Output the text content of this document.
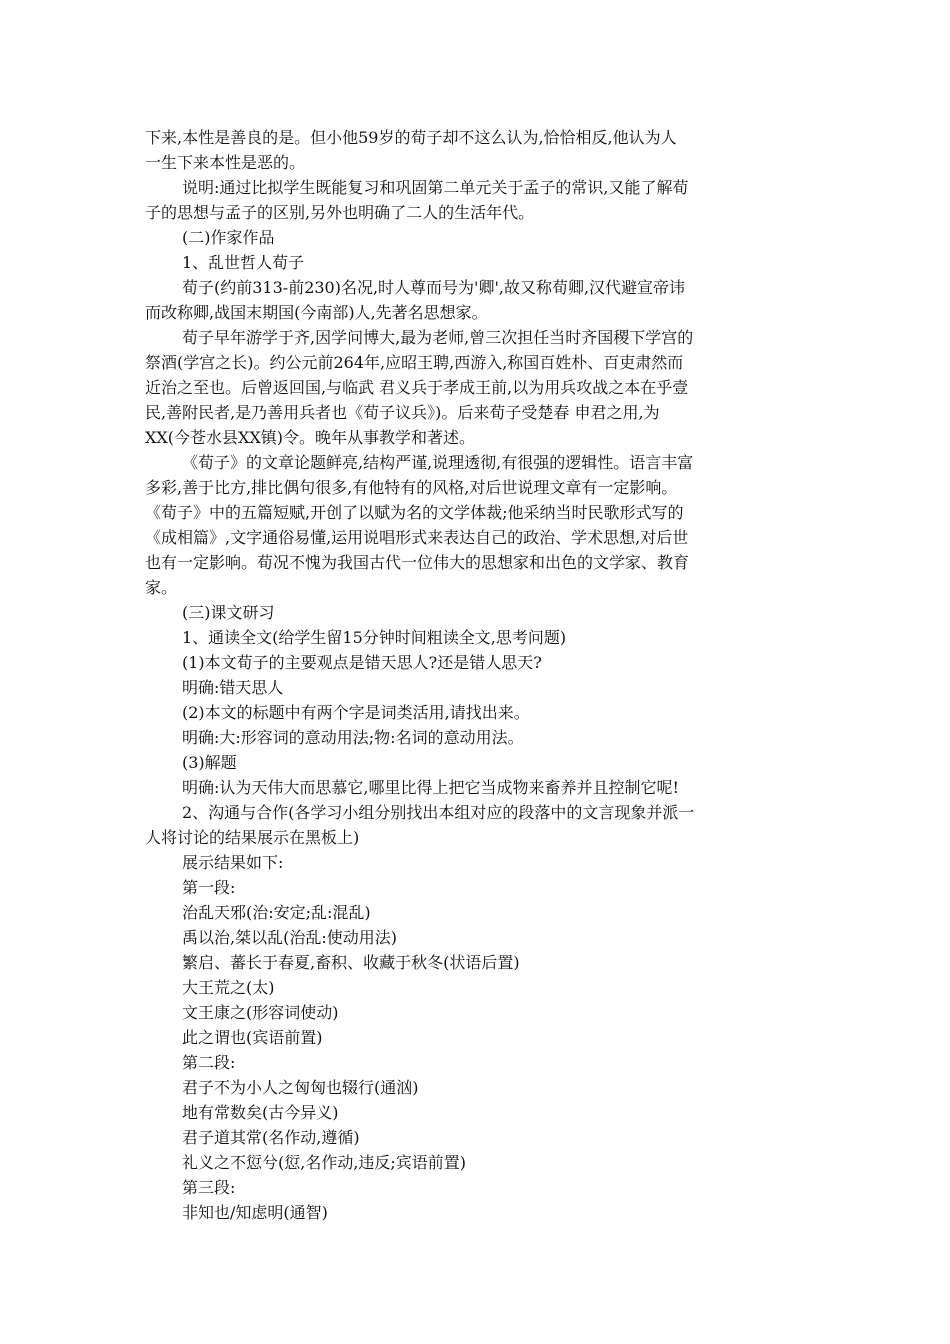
下来,本性是善良的是。但小他59岁的荀子却不这么认为,恰恰相反,他认为人
一生下来本性是恶的。
说明:通过比拟学生既能复习和巩固第二单元关于孟子的常识,又能了解荀
子的思想与孟子的区别,另外也明确了二人的生活年代。
(二)作家作品
1、乱世哲人荀子
荀子(约前313-前230)名况,时人尊而号为'卿',故又称荀卿,汉代避宣帝讳
而改称卿,战国末期国(今南部)人,先著名思想家。
荀子早年游学于齐,因学问博大,最为老师,曾三次担任当时齐国稷下学宫的
祭酒(学宫之长)。约公元前264年,应昭王聘,西游入,称国百姓朴、百吏肃然而
近治之至也。后曾返回国,与临武 君义兵于孝成王前,以为用兵攻战之本在乎壹
民,善附民者,是乃善用兵者也《荀子议兵》)。后来荀子受楚春 申君之用,为
XX(今苍水县XX镇)令。晚年从事教学和著述。
《荀子》的文章论题鲜亮,结构严谨,说理透彻,有很强的逻辑性。语言丰富
多彩,善于比方,排比偶句很多,有他特有的风格,对后世说理文章有一定影响。
《荀子》中的五篇短赋,开创了以赋为名的文学体裁;他采纳当时民歌形式写的
《成相篇》,文字通俗易懂,运用说唱形式来表达自己的政治、学术思想,对后世
也有一定影响。荀况不愧为我国古代一位伟大的思想家和出色的文学家、教育
家。
(三)课文研习
1、通读全文(给学生留15分钟时间粗读全文,思考问题)
(1)本文荀子的主要观点是错天思人?还是错人思天?
明确:错天思人
(2)本文的标题中有两个字是词类活用,请找出来。
明确:大:形容词的意动用法;物:名词的意动用法。
(3)解题
明确:认为天伟大而思慕它,哪里比得上把它当成物来畜养并且控制它呢!
2、沟通与合作(各学习小组分别找出本组对应的段落中的文言现象并派一
人将讨论的结果展示在黑板上)
展示结果如下:
第一段:
治乱天邪(治:安定;乱:混乱)
禹以治,桀以乱(治乱:使动用法)
繁启、蕃长于春夏,畜积、收藏于秋冬(状语后置)
大王荒之(太)
文王康之(形容词使动)
此之谓也(宾语前置)
第二段:
君子不为小人之匈匈也辍行(通汹)
地有常数矣(古今异义)
君子道其常(名作动,遵循)
礼义之不愆兮(愆,名作动,违反;宾语前置)
第三段:
非知也/知虑明(通智)
